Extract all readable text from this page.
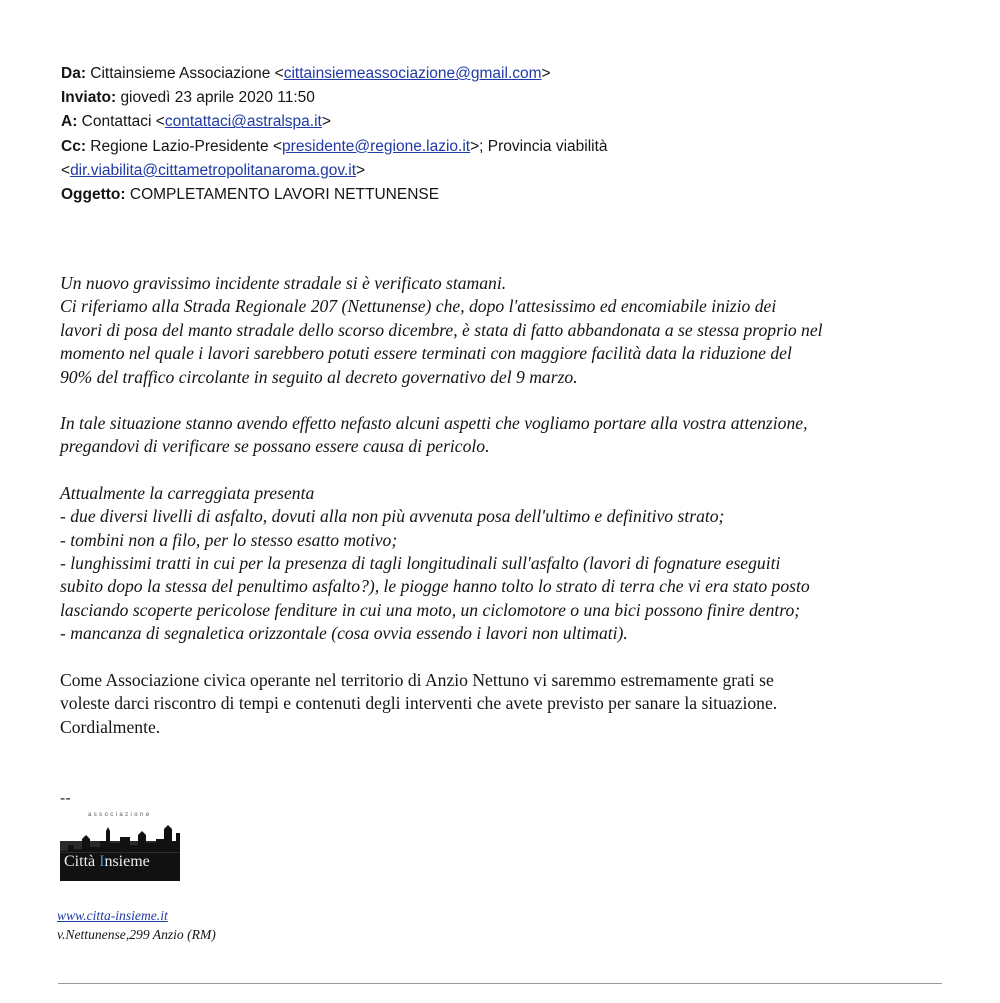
Da: Cittainsieme Associazione <cittainsiemeassociazione@gmail.com>
Inviato: giovedì 23 aprile 2020 11:50
A: Contattaci <contattaci@astralspa.it>
Cc: Regione Lazio-Presidente <presidente@regione.lazio.it>; Provincia viabilità
<dir.viabilita@cittametropolitanaroma.gov.it>
Oggetto: COMPLETAMENTO LAVORI NETTUNENSE
Un nuovo gravissimo incidente stradale si è verificato stamani.
Ci riferiamo alla Strada Regionale 207 (Nettunense) che, dopo l'attesissimo ed encomiabile inizio dei
lavori di posa del manto stradale dello scorso dicembre, è stata di fatto abbandonata a se stessa proprio nel
momento nel quale i lavori sarebbero potuti essere terminati con maggiore facilità data la riduzione del
90% del traffico circolante in seguito al decreto governativo del 9 marzo.
In tale situazione stanno avendo effetto nefasto alcuni aspetti che vogliamo portare alla vostra attenzione,
pregandovi di verificare se possano essere causa di pericolo.
Attualmente la carreggiata presenta
- due diversi livelli di asfalto, dovuti alla non più avvenuta posa dell'ultimo e definitivo strato;
- tombini non a filo, per lo stesso esatto motivo;
- lunghissimi tratti in cui per la presenza di tagli longitudinali sull'asfalto (lavori di fognature eseguiti
subito dopo la stessa del penultimo asfalto?), le piogge hanno tolto lo strato di terra che vi era stato posto
lasciando scoperte pericolose fenditure in cui una moto, un ciclomotore o una bici possono finire dentro;
- mancanza di segnaletica orizzontale (cosa ovvia essendo i lavori non ultimati).
Come Associazione civica operante nel territorio di Anzio Nettuno vi saremmo estremamente grati se
voleste darci riscontro di tempi e contenuti degli interventi che avete previsto per sanare la situazione.
Cordialmente.
--
associazione
Città Insieme
www.citta-insieme.it
v.Nettunense,299 Anzio (RM)
